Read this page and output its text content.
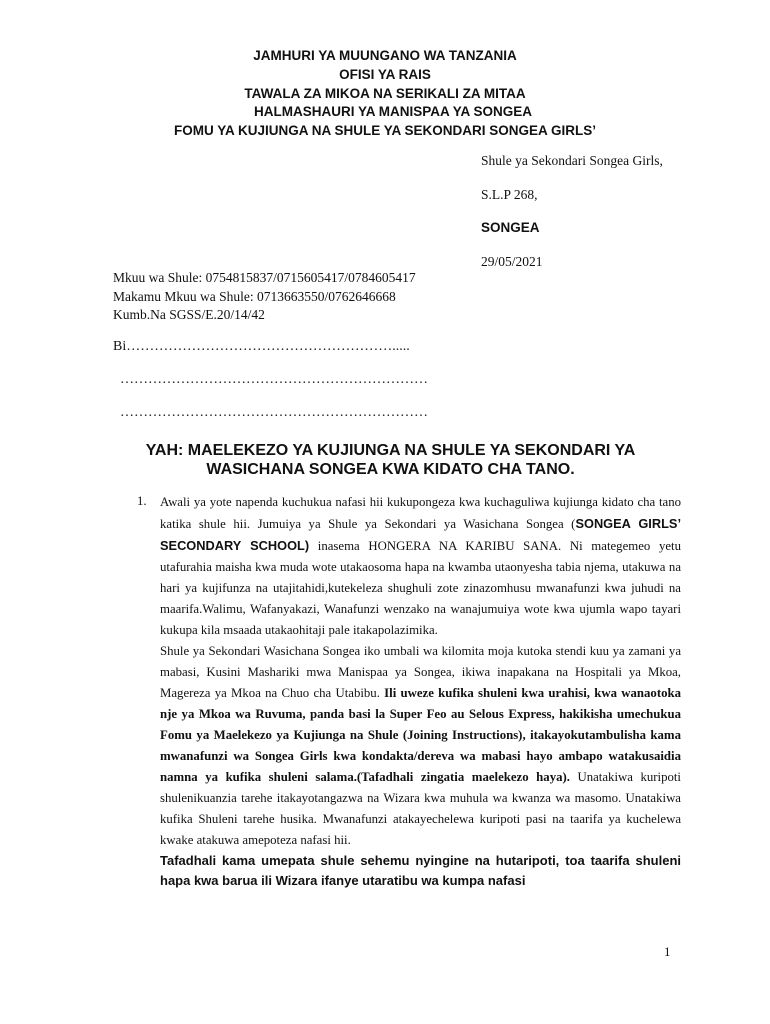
JAMHURI YA MUUNGANO WA TANZANIA
OFISI YA RAIS
TAWALA ZA MIKOA NA SERIKALI ZA MITAA
HALMASHAURI YA MANISPAA YA SONGEA
FOMU YA KUJIUNGA NA SHULE YA SEKONDARI SONGEA GIRLS’
Shule ya Sekondari Songea Girls,
S.L.P 268,
SONGEA
29/05/2021
Mkuu wa Shule: 0754815837/0715605417/0784605417
Makamu Mkuu wa Shule: 0713663550/0762646668
Kumb.Na SGSS/E.20/14/42
Bi………………………………………………….....
…………………………………………………………
…………………………………………………………
YAH: MAELEKEZO YA KUJIUNGA NA SHULE YA SEKONDARI YA
WASICHANA SONGEA KWA KIDATO CHA TANO.
1. Awali ya yote napenda kuchukua nafasi hii kukupongeza kwa kuchaguliwa kujiunga kidato cha tano katika shule hii. Jumuiya ya Shule ya Sekondari ya Wasichana Songea (SONGEA GIRLS’ SECONDARY SCHOOL) inasema HONGERA NA KARIBU SANA. Ni mategemeo yetu utafurahia maisha kwa muda wote utakaosoma hapa na kwamba utaonyesha tabia njema, utakuwa na hari ya kujifunza na utajitahidi,kutekeleza shughuli zote zinazomhusu mwanafunzi kwa juhudi na maarifa.Walimu, Wafanyakazi, Wanafunzi wenzako na wanajumuiya wote kwa ujumla wapo tayari kukupa kila msaada utakaohitaji pale itakapolazimika.

Shule ya Sekondari Wasichana Songea iko umbali wa kilomita moja kutoka stendi kuu ya zamani ya mabasi, Kusini Mashariki mwa Manispaa ya Songea, ikiwa inapakana na Hospitali ya Mkoa, Magereza ya Mkoa na Chuo cha Utabibu. Ili uweze kufika shuleni kwa urahisi, kwa wanaotoka nje ya Mkoa wa Ruvuma, panda basi la Super Feo au Selous Express, hakikisha umechukua Fomu ya Maelekezo ya Kujiunga na Shule (Joining Instructions), itakayokutambulisha kama mwanafunzi wa Songea Girls kwa kondakta/dereva wa mabasi hayo ambapo watakusaidia namna ya kufika shuleni salama.(Tafadhali zingatia maelekezo haya). Unatakiwa kuripoti shulenikuanzia tarehe itakayotangazwa na Wizara kwa muhula wa kwanza wa masomo. Unatakiwa kufika Shuleni tarehe husika. Mwanafunzi atakayechelewa kuripoti pasi na taarifa ya kuchelewa kwake atakuwa amepoteza nafasi hii.

Tafadhali kama umepata shule sehemu nyingine na hutaripoti, toa taarifa shuleni hapa kwa barua ili Wizara ifanye utaratibu wa kumpa nafasi

1
